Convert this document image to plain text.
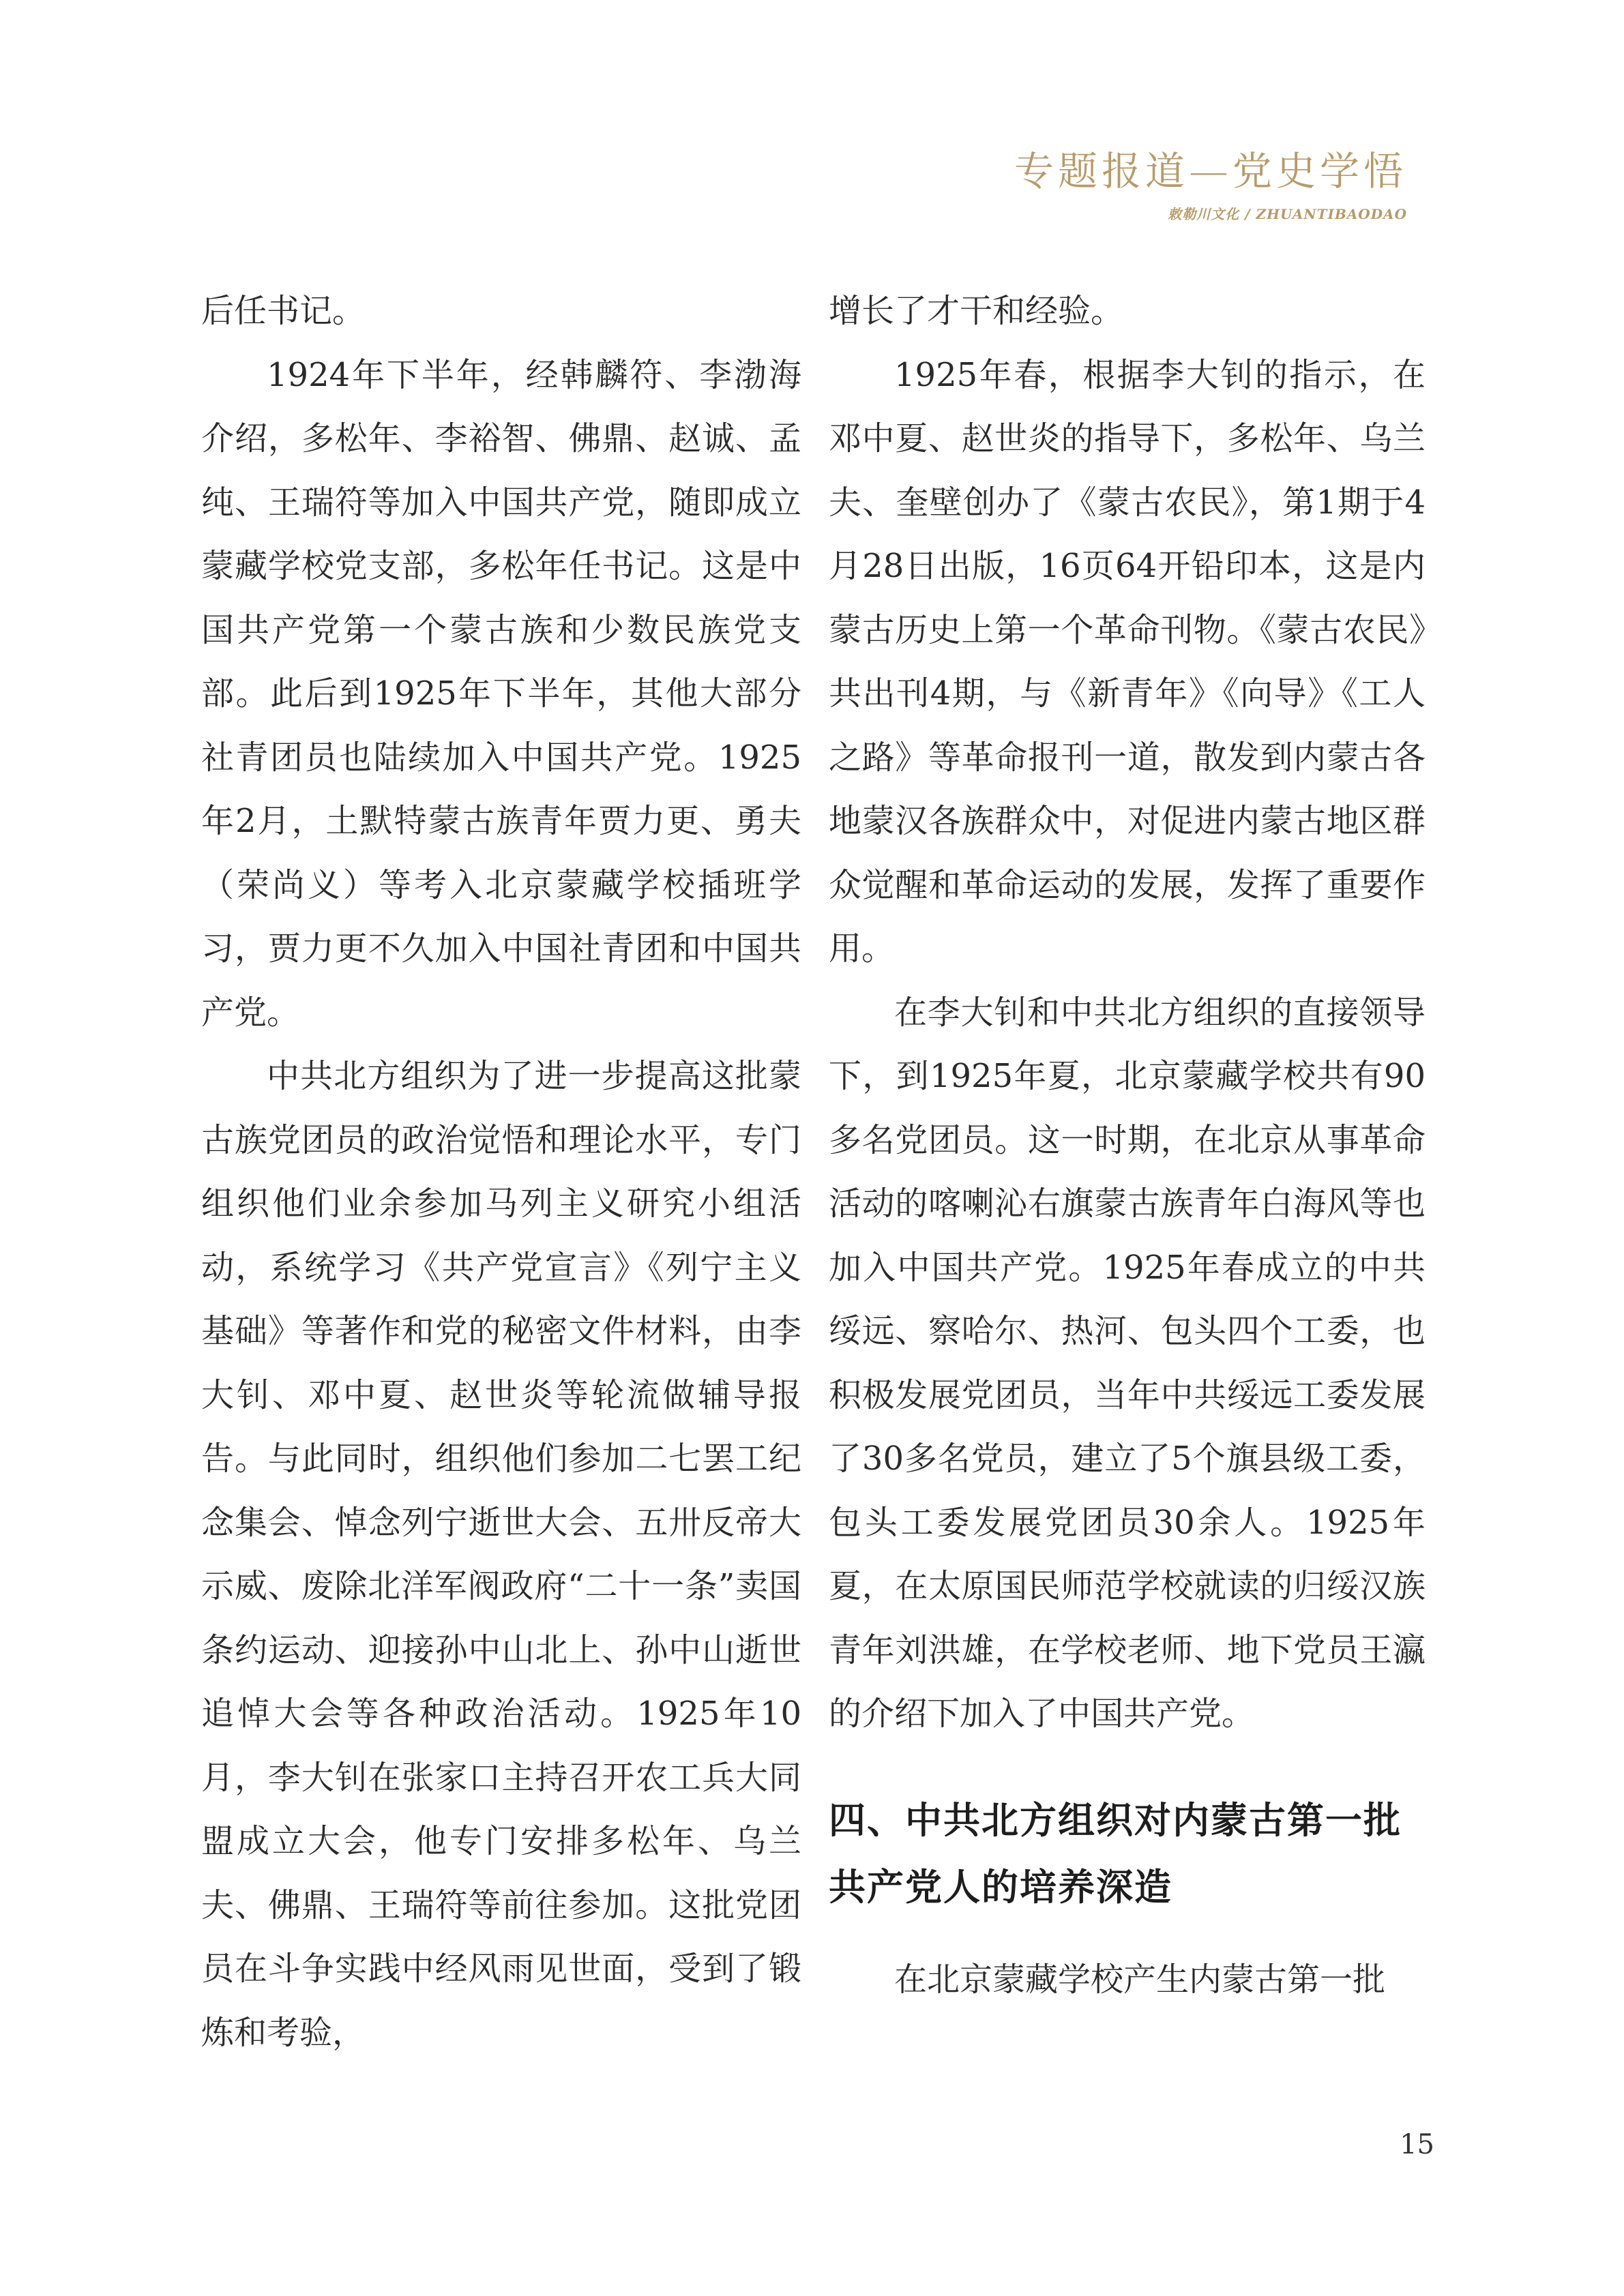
专题报道—党史学悟
敕勒川文化 / ZHUANTIBAODAO

后任书记。

1924年下半年，经韩麟符、李渤海介绍，多松年、李裕智、佛鼎、赵诚、孟纯、王瑞符等加入中国共产党，随即成立蒙藏学校党支部，多松年任书记。这是中国共产党第一个蒙古族和少数民族党支部。此后到1925年下半年，其他大部分社青团员也陆续加入中国共产党。1925年2月，土默特蒙古族青年贾力更、勇夫（荣尚义）等考入北京蒙藏学校插班学习，贾力更不久加入中国社青团和中国共产党。

中共北方组织为了进一步提高这批蒙古族党团员的政治觉悟和理论水平，专门组织他们业余参加马列主义研究小组活动，系统学习《共产党宣言》《列宁主义基础》等著作和党的秘密文件材料，由李大钊、邓中夏、赵世炎等轮流做辅导报告。与此同时，组织他们参加二七罢工纪念集会、悼念列宁逝世大会、五卅反帝大示威、废除北洋军阀政府“二十一条”卖国条约运动、迎接孙中山北上、孙中山逝世追悼大会等各种政治活动。1925年10月，李大钊在张家口主持召开农工兵大同盟成立大会，他专门安排多松年、乌兰夫、佛鼎、王瑞符等前往参加。这批党团员在斗争实践中经风雨见世面，受到了锻炼和考验，

增长了才干和经验。

1925年春，根据李大钊的指示，在邓中夏、赵世炎的指导下，多松年、乌兰夫、奎壁创办了《蒙古农民》，第1期于4月28日出版，16页64开铅印本，这是内蒙古历史上第一个革命刊物。《蒙古农民》共出刊4期，与《新青年》《向导》《工人之路》等革命报刊一道，散发到内蒙古各地蒙汉各族群众中，对促进内蒙古地区群众觉醒和革命运动的发展，发挥了重要作用。

在李大钊和中共北方组织的直接领导下，到1925年夏，北京蒙藏学校共有90多名党团员。这一时期，在北京从事革命活动的喀喇沁右旗蒙古族青年白海风等也加入中国共产党。1925年春成立的中共绥远、察哈尔、热河、包头四个工委，也积极发展党团员，当年中共绥远工委发展了30多名党员，建立了5个旗县级工委，包头工委发展党团员30余人。1925年夏，在太原国民师范学校就读的归绥汉族青年刘洪雄，在学校老师、地下党员王瀛的介绍下加入了中国共产党。

四、中共北方组织对内蒙古第一批共产党人的培养深造

在北京蒙藏学校产生内蒙古第一批

15
